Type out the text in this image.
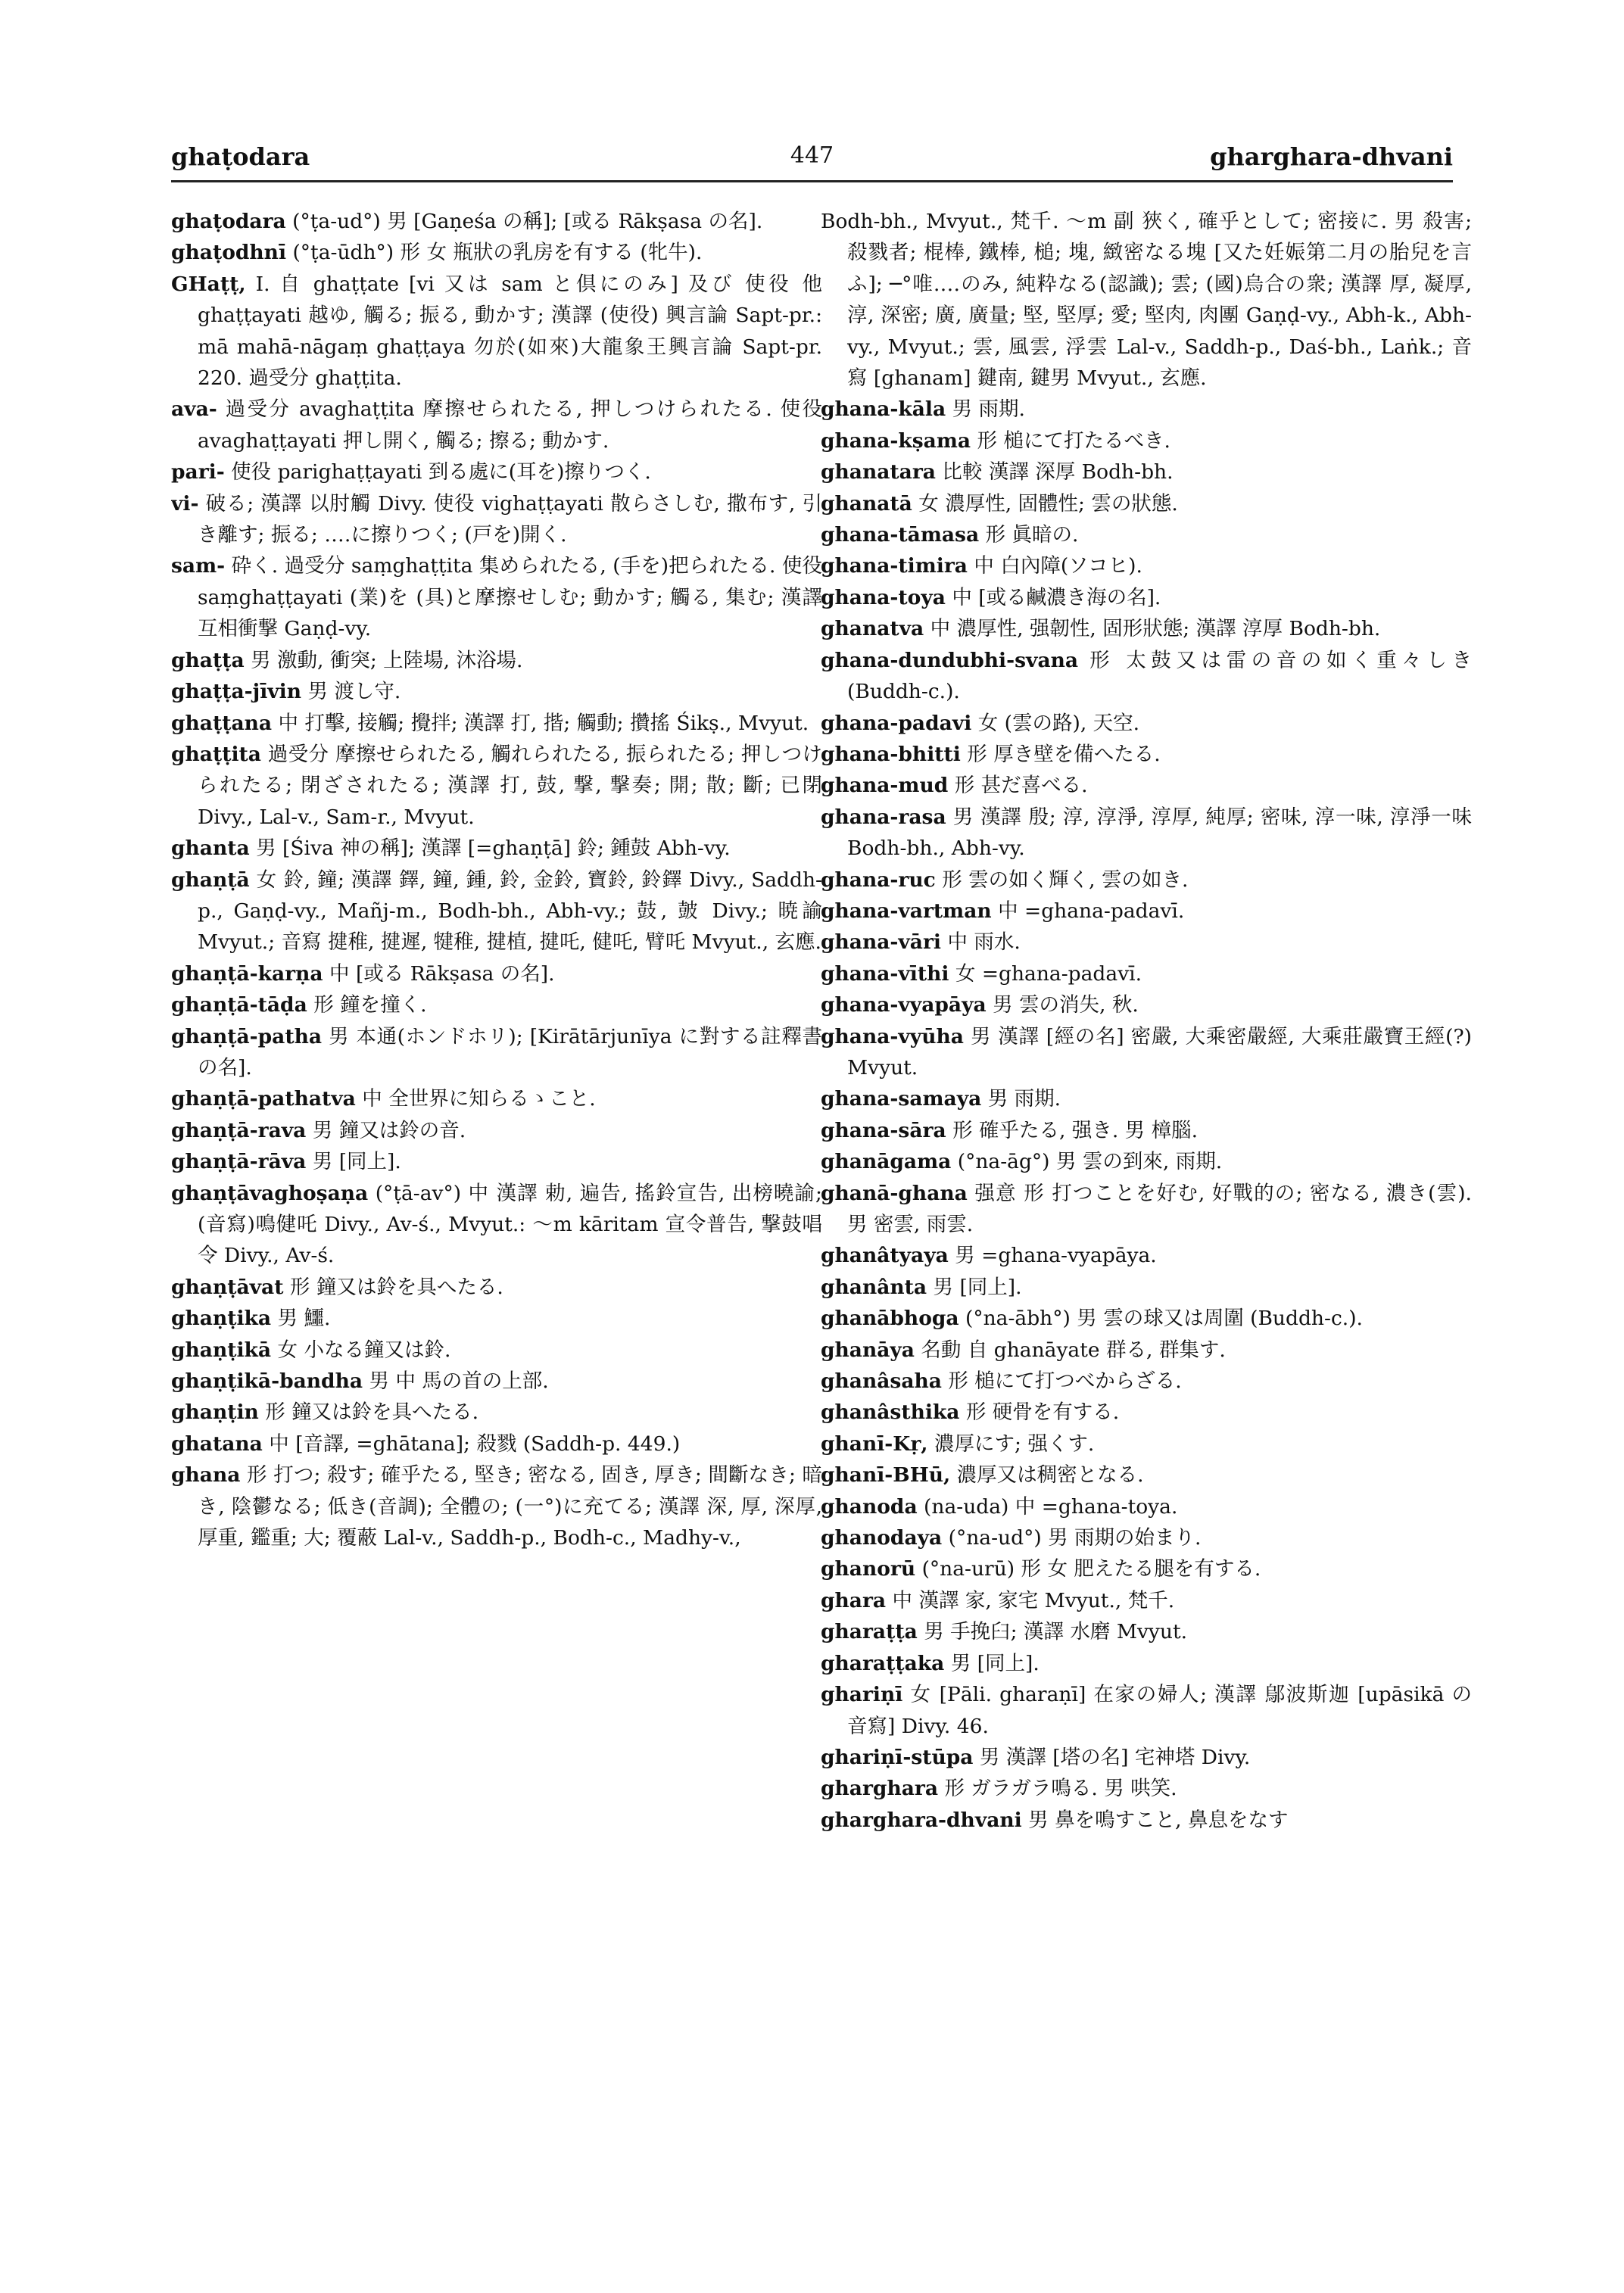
ghaṭodara	447	gharghara-dhvani

ghaṭodara (°ṭa-ud°) 男 [Gaṇeśa の稱]; [或る Rākṣasa の名].

ghaṭodhnī (°ṭa-ūdh°) 形 女 瓶狀の乳房を有する (牝牛).

GHaṭṭ, I. 自 ghaṭṭate [vi 又は sam と倶にのみ] 及び 使役 他 ghaṭṭayati 越ゆ, 觸る; 振る, 動かす; 漢譯 (使役) 興言論 Sapt-pr.: mā mahā-nāgaṃ ghaṭṭaya 勿於(如來)大龍象王興言論 Sapt-pr. 220. 過受分 ghaṭṭita.

ava- 過受分 avaghaṭṭita 摩擦せられたる, 押しつけられたる. 使役 avaghaṭṭayati 押し開く, 觸る; 擦る; 動かす.

pari- 使役 parighaṭṭayati 到る處に(耳を)擦りつく.

vi- 破る; 漢譯 以肘觸 Divy. 使役 vighaṭṭayati 散らさしむ, 撒布す, 引き離す; 振る; ‥‥に擦りつく; (戸を)開く.

sam- 砕く. 過受分 saṃghaṭṭita 集められたる, (手を)把られたる. 使役 saṃghaṭṭayati (業)を (具)と摩擦せしむ; 動かす; 觸る, 集む; 漢譯 互相衝撃 Gaṇḍ-vy.

ghaṭṭa 男 激動, 衝突; 上陸場, 沐浴場.

ghaṭṭa-jīvin 男 渡し守.

ghaṭṭana 中 打擊, 接觸; 攪拌; 漢譯 打, 揩; 觸動; 攢搖 Śikṣ., Mvyut.

ghaṭṭita 過受分 摩擦せられたる, 觸れられたる, 振られたる; 押しつけられたる; 閉ざされたる; 漢譯 打, 鼓, 撃, 撃奏; 開; 散; 斷; 已閉 Divy., Lal-v., Sam-r., Mvyut.

ghanta 男 [Śiva 神の稱]; 漢譯 [=ghaṇṭā] 鈴; 鍾鼓 Abh-vy.

ghaṇṭā 女 鈴, 鐘; 漢譯 鐸, 鐘, 鍾, 鈴, 金鈴, 寶鈴, 鈴鐸 Divy., Saddh-p., Gaṇḍ-vy., Mañj-m., Bodh-bh., Abh-vy.; 鼓, 皷 Divy.; 暁諭 Mvyut.; 音寫 揵稚, 揵遲, 犍稚, 揵植, 揵吒, 健吒, 臂吒 Mvyut., 玄應.

ghaṇṭā-karṇa 中 [或る Rākṣasa の名].

ghaṇṭā-tāḍa 形 鐘を撞く.

ghaṇṭā-patha 男 本通(ホンドホリ); [Kirātārjunīya に對する註釋書の名].

ghaṇṭā-pathatva 中 全世界に知らるゝこと.

ghaṇṭā-rava 男 鐘又は鈴の音.

ghaṇṭā-rāva 男 [同上].

ghaṇṭāvaghoṣaṇa (°ṭā-av°) 中 漢譯 勅, 遍告, 搖鈴宣告, 出榜曉諭; (音寫)鳴健吒 Divy., Av-ś., Mvyut.: ～m kāritam 宣令普告, 撃鼓唱令 Divy., Av-ś.

ghaṇṭāvat 形 鐘又は鈴を具へたる.

ghaṇṭika 男 鱷.

ghaṇṭikā 女 小なる鐘又は鈴.

ghaṇṭikā-bandha 男 中 馬の首の上部.

ghaṇṭin 形 鐘又は鈴を具へたる.

ghatana 中 [音譯, =ghātana]; 殺戮 (Saddh-p. 449.)

ghana 形 打つ; 殺す; 確乎たる, 堅き; 密なる, 固き, 厚き; 間斷なき; 暗き, 陰鬱なる; 低き(音調); 全體の; (一°)に充てる; 漢譯 深, 厚, 深厚, 厚重, 鑑重; 大; 覆蔽 Lal-v., Saddh-p., Bodh-c., Madhy-v.,

Bodh-bh., Mvyut., 梵千. ～m 副 狹く, 確乎として; 密接に. 男 殺害; 殺戮者; 棍棒, 鐵棒, 槌; 塊, 緻密なる塊 [又た妊娠第二月の胎兒を言ふ]; ─°唯‥‥のみ, 純粋なる(認識); 雲; (國)烏合の衆; 漢譯 厚, 凝厚, 淳, 深密; 廣, 廣量; 堅, 堅厚; 愛; 堅肉, 肉團 Gaṇḍ-vy., Abh-k., Abh-vy., Mvyut.; 雲, 風雲, 浮雲 Lal-v., Saddh-p., Daś-bh., Laṅk.; 音寫 [ghanam] 鍵南, 鍵男 Mvyut., 玄應.

ghana-kāla 男 雨期.

ghana-kṣama 形 槌にて打たるべき.

ghanatara 比較 漢譯 深厚 Bodh-bh.

ghanatā 女 濃厚性, 固體性; 雲の狀態.

ghana-tāmasa 形 眞暗の.

ghana-timira 中 白內障(ソコヒ).

ghana-toya 中 [或る鹹濃き海の名].

ghanatva 中 濃厚性, 强韌性, 固形狀態; 漢譯 淳厚 Bodh-bh.

ghana-dundubhi-svana 形 太鼓又は雷の音の如く重々しき (Buddh-c.).

ghana-padavi 女 (雲の路), 天空.

ghana-bhitti 形 厚き壁を備へたる.

ghana-mud 形 甚だ喜べる.

ghana-rasa 男 漢譯 殷; 淳, 淳淨, 淳厚, 純厚; 密味, 淳一味, 淳淨一味 Bodh-bh., Abh-vy.

ghana-ruc 形 雲の如く輝く, 雲の如き.

ghana-vartman 中 =ghana-padavī.

ghana-vāri 中 雨水.

ghana-vīthi 女 =ghana-padavī.

ghana-vyapāya 男 雲の消失, 秋.

ghana-vyūha 男 漢譯 [經の名] 密嚴, 大乘密嚴經, 大乘莊嚴寶王經(?) Mvyut.

ghana-samaya 男 雨期.

ghana-sāra 形 確乎たる, 强き. 男 樟腦.

ghanāgama (°na-āg°) 男 雲の到來, 雨期.

ghanā-ghana 强意 形 打つことを好む, 好戰的の; 密なる, 濃き(雲). 男 密雲, 雨雲.

ghanâtyaya 男 =ghana-vyapāya.

ghanânta 男 [同上].

ghanābhoga (°na-ābh°) 男 雲の球又は周圍 (Buddh-c.).

ghanāya 名動 自 ghanāyate 群る, 群集す.

ghanâsaha 形 槌にて打つべからざる.

ghanâsthika 形 硬骨を有する.

ghanī-Kṛ, 濃厚にす; 强くす.

ghanī-BHū, 濃厚又は稠密となる.

ghanoda (na-uda) 中 =ghana-toya.

ghanodaya (°na-ud°) 男 雨期の始まり.

ghanorū (°na-urū) 形 女 肥えたる腿を有する.

ghara 中 漢譯 家, 家宅 Mvyut., 梵千.

gharaṭṭa 男 手挽臼; 漢譯 水磨 Mvyut.

gharaṭṭaka 男 [同上].

ghariṇī 女 [Pāli. gharaṇī] 在家の婦人; 漢譯 鄔波斯迦 [upāsikā の 音寫] Divy. 46.

ghariṇī-stūpa 男 漢譯 [塔の名] 宅神塔 Divy.

gharghara 形 ガラガラ鳴る. 男 哄笑.

gharghara-dhvani 男 鼻を鳴すこと, 鼻息をなす
